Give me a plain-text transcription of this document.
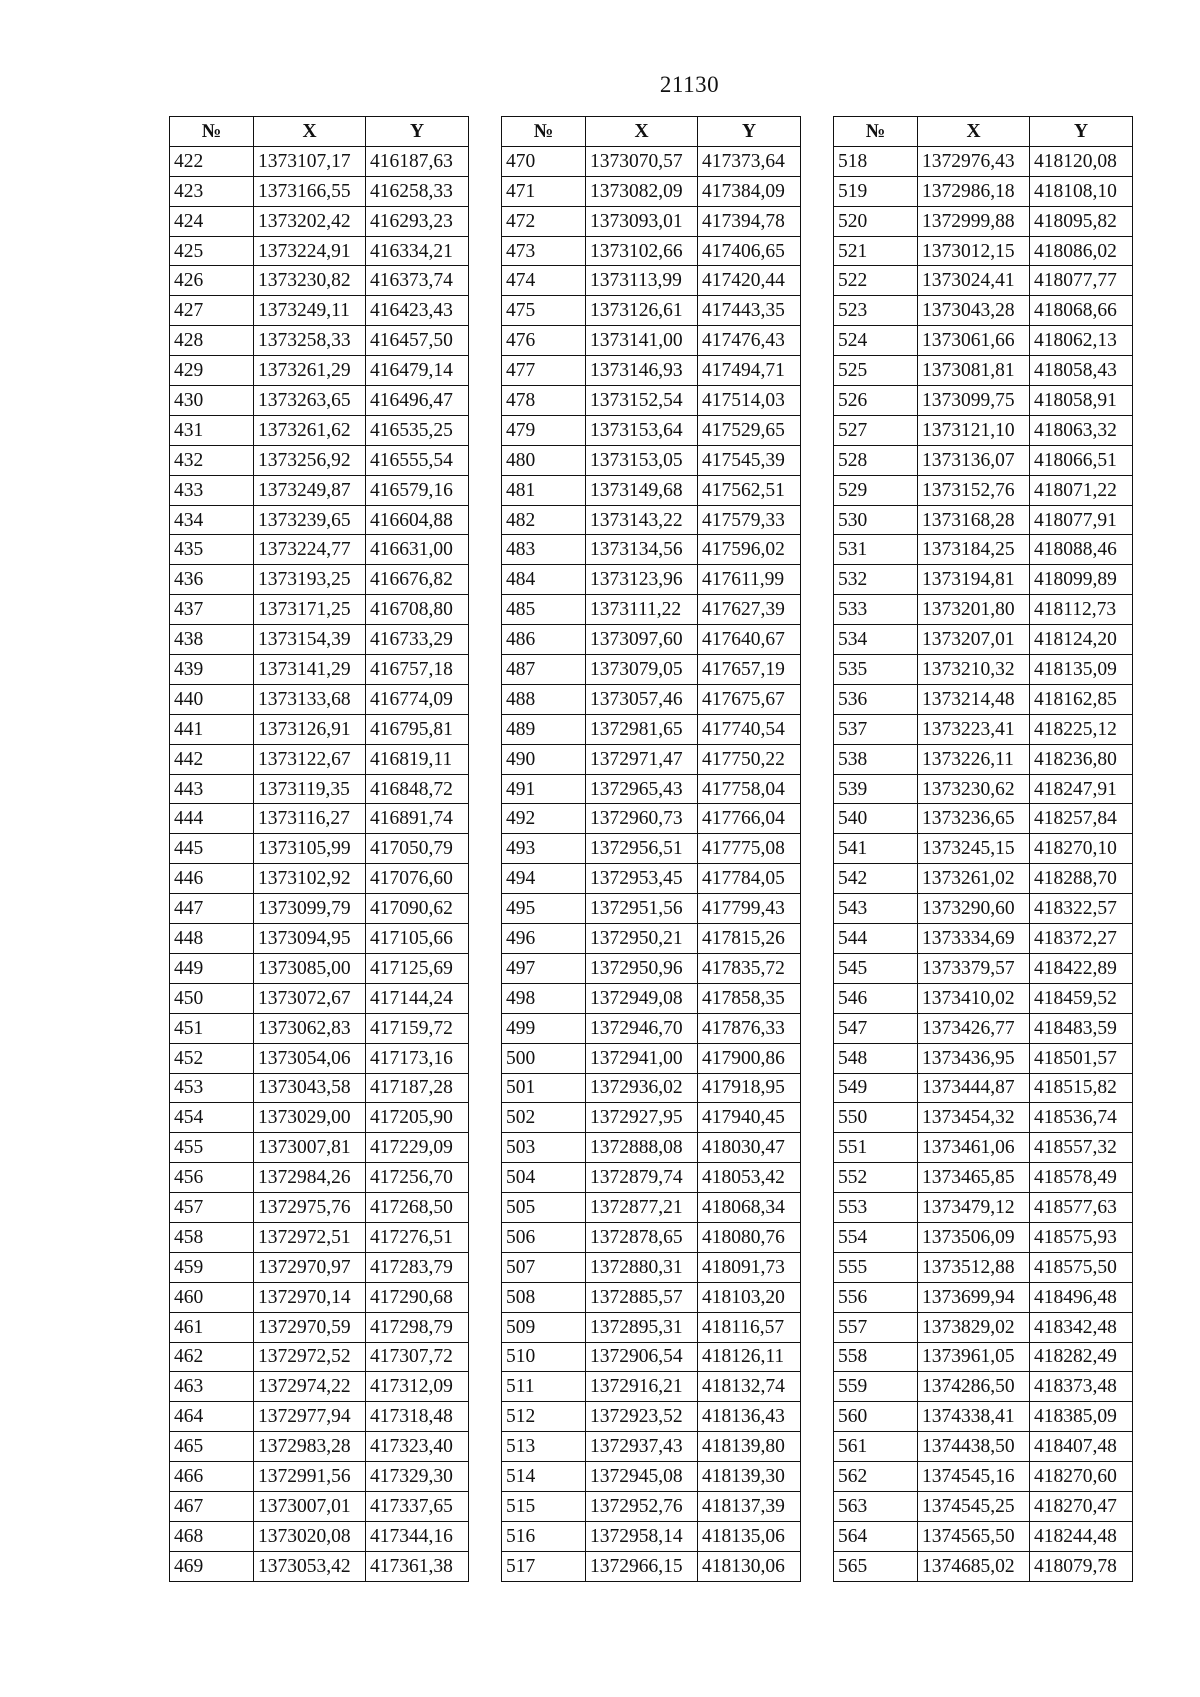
21130
№	X	Y
422	1373107,17	416187,63
423	1373166,55	416258,33
424	1373202,42	416293,23
425	1373224,91	416334,21
426	1373230,82	416373,74
427	1373249,11	416423,43
428	1373258,33	416457,50
429	1373261,29	416479,14
430	1373263,65	416496,47
431	1373261,62	416535,25
432	1373256,92	416555,54
433	1373249,87	416579,16
434	1373239,65	416604,88
435	1373224,77	416631,00
436	1373193,25	416676,82
437	1373171,25	416708,80
438	1373154,39	416733,29
439	1373141,29	416757,18
440	1373133,68	416774,09
441	1373126,91	416795,81
442	1373122,67	416819,11
443	1373119,35	416848,72
444	1373116,27	416891,74
445	1373105,99	417050,79
446	1373102,92	417076,60
447	1373099,79	417090,62
448	1373094,95	417105,66
449	1373085,00	417125,69
450	1373072,67	417144,24
451	1373062,83	417159,72
452	1373054,06	417173,16
453	1373043,58	417187,28
454	1373029,00	417205,90
455	1373007,81	417229,09
456	1372984,26	417256,70
457	1372975,76	417268,50
458	1372972,51	417276,51
459	1372970,97	417283,79
460	1372970,14	417290,68
461	1372970,59	417298,79
462	1372972,52	417307,72
463	1372974,22	417312,09
464	1372977,94	417318,48
465	1372983,28	417323,40
466	1372991,56	417329,30
467	1373007,01	417337,65
468	1373020,08	417344,16
469	1373053,42	417361,38
№	X	Y
470	1373070,57	417373,64
471	1373082,09	417384,09
472	1373093,01	417394,78
473	1373102,66	417406,65
474	1373113,99	417420,44
475	1373126,61	417443,35
476	1373141,00	417476,43
477	1373146,93	417494,71
478	1373152,54	417514,03
479	1373153,64	417529,65
480	1373153,05	417545,39
481	1373149,68	417562,51
482	1373143,22	417579,33
483	1373134,56	417596,02
484	1373123,96	417611,99
485	1373111,22	417627,39
486	1373097,60	417640,67
487	1373079,05	417657,19
488	1373057,46	417675,67
489	1372981,65	417740,54
490	1372971,47	417750,22
491	1372965,43	417758,04
492	1372960,73	417766,04
493	1372956,51	417775,08
494	1372953,45	417784,05
495	1372951,56	417799,43
496	1372950,21	417815,26
497	1372950,96	417835,72
498	1372949,08	417858,35
499	1372946,70	417876,33
500	1372941,00	417900,86
501	1372936,02	417918,95
502	1372927,95	417940,45
503	1372888,08	418030,47
504	1372879,74	418053,42
505	1372877,21	418068,34
506	1372878,65	418080,76
507	1372880,31	418091,73
508	1372885,57	418103,20
509	1372895,31	418116,57
510	1372906,54	418126,11
511	1372916,21	418132,74
512	1372923,52	418136,43
513	1372937,43	418139,80
514	1372945,08	418139,30
515	1372952,76	418137,39
516	1372958,14	418135,06
517	1372966,15	418130,06
№	X	Y
518	1372976,43	418120,08
519	1372986,18	418108,10
520	1372999,88	418095,82
521	1373012,15	418086,02
522	1373024,41	418077,77
523	1373043,28	418068,66
524	1373061,66	418062,13
525	1373081,81	418058,43
526	1373099,75	418058,91
527	1373121,10	418063,32
528	1373136,07	418066,51
529	1373152,76	418071,22
530	1373168,28	418077,91
531	1373184,25	418088,46
532	1373194,81	418099,89
533	1373201,80	418112,73
534	1373207,01	418124,20
535	1373210,32	418135,09
536	1373214,48	418162,85
537	1373223,41	418225,12
538	1373226,11	418236,80
539	1373230,62	418247,91
540	1373236,65	418257,84
541	1373245,15	418270,10
542	1373261,02	418288,70
543	1373290,60	418322,57
544	1373334,69	418372,27
545	1373379,57	418422,89
546	1373410,02	418459,52
547	1373426,77	418483,59
548	1373436,95	418501,57
549	1373444,87	418515,82
550	1373454,32	418536,74
551	1373461,06	418557,32
552	1373465,85	418578,49
553	1373479,12	418577,63
554	1373506,09	418575,93
555	1373512,88	418575,50
556	1373699,94	418496,48
557	1373829,02	418342,48
558	1373961,05	418282,49
559	1374286,50	418373,48
560	1374338,41	418385,09
561	1374438,50	418407,48
562	1374545,16	418270,60
563	1374545,25	418270,47
564	1374565,50	418244,48
565	1374685,02	418079,78
